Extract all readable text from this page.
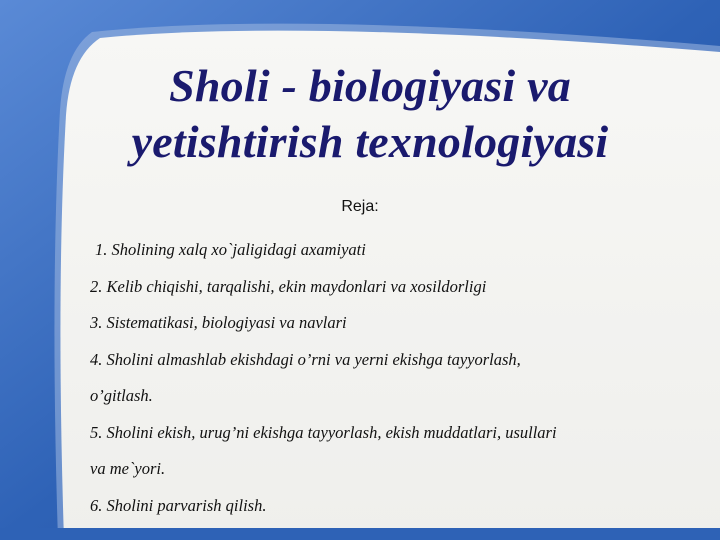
Sholi - biologiyasi va
yetishtirish texnologiyasi
Reja:
1. Sholining xalq xo`jaligidagi axamiyati
2. Kelib chiqishi, tarqalishi, ekin maydonlari va xosildorligi
3. Sistematikasi, biologiyasi va navlari
4. Sholini almashlab ekishdagi o’rni va yerni ekishga tayyorlash,
o’gitlash.
5. Sholini ekish, urug’ni ekishga tayyorlash, ekish muddatlari, usullari
va me`yori.
6. Sholini parvarish qilish.
